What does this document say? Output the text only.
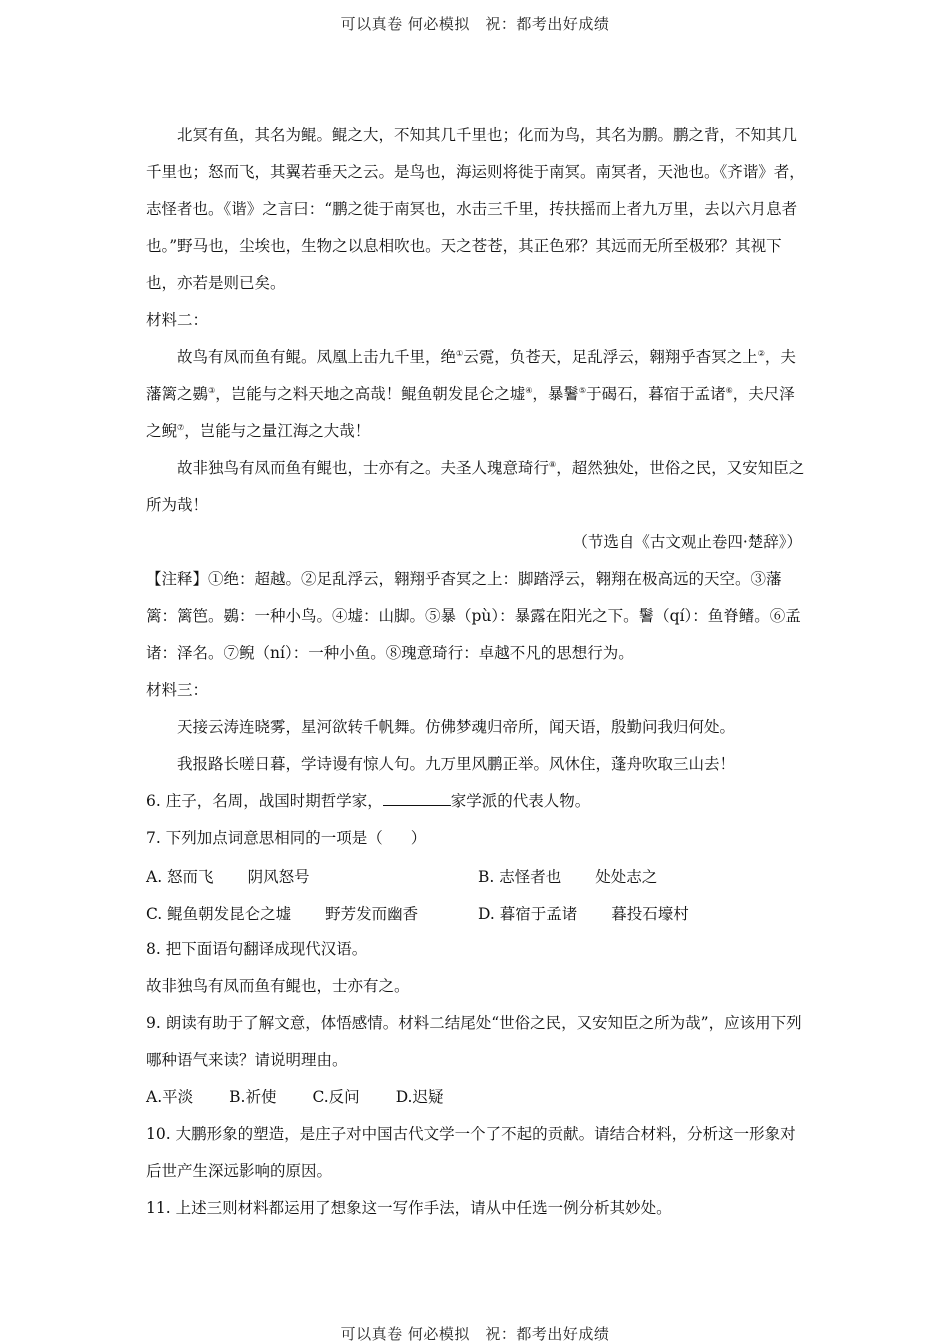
可以真卷 何必模拟　祝：都考出好成绩

北冥有鱼，其名为鲲。鲲之大，不知其几千里也；化而为鸟，其名为鹏。鹏之背，不知其几千里也；怒而飞，其翼若垂天之云。是鸟也，海运则将徙于南冥。南冥者，天池也。《齐谐》者，志怪者也。《谐》之言曰：“鹏之徙于南冥也，水击三千里，抟扶摇而上者九万里，去以六月息者也。”野马也，尘埃也，生物之以息相吹也。天之苍苍，其正色邪？其远而无所至极邪？其视下也，亦若是则已矣。

材料二：

故鸟有凤而鱼有鲲。凤凰上击九千里，绝①云霓，负苍天，足乱浮云，翱翔乎杳冥之上②，夫藩篱之鷃③，岂能与之料天地之高哉！鲲鱼朝发昆仑之墟④，暴鬐⑤于碣石，暮宿于孟诸⑥，夫尺泽之鲵⑦，岂能与之量江海之大哉！

故非独鸟有凤而鱼有鲲也，士亦有之。夫圣人瑰意琦行⑧，超然独处，世俗之民，又安知臣之所为哉！

（节选自《古文观止卷四·楚辞》）

【注释】①绝：超越。②足乱浮云，翱翔乎杳冥之上：脚踏浮云，翱翔在极高远的天空。③藩篱：篱笆。鷃：一种小鸟。④墟：山脚。⑤暴（pù）：暴露在阳光之下。鬐（qí）：鱼脊鳍。⑥孟诸：泽名。⑦鲵（ní）：一种小鱼。⑧瑰意琦行：卓越不凡的思想行为。

材料三：

天接云涛连晓雾，星河欲转千帆舞。仿佛梦魂归帝所，闻天语，殷勤问我归何处。

我报路长嗟日暮，学诗谩有惊人句。九万里风鹏正举。风休住，蓬舟吹取三山去！

6. 庄子，名周，战国时期哲学家，	家学派的代表人物。

7. 下列加点词意思相同的一项是（ ）

A. 怒而飞 阴风怒号	B. 志怪者也 处处志之
C. 鲲鱼朝发昆仑之墟 野芳发而幽香	D. 暮宿于孟诸 暮投石壕村

8. 把下面语句翻译成现代汉语。

故非独鸟有凤而鱼有鲲也，士亦有之。

9. 朗读有助于了解文意，体悟感情。材料二结尾处“世俗之民，又安知臣之所为哉”，应该用下列哪种语气来读？请说明理由。

A.平淡 B.祈使 C.反问 D.迟疑

10. 大鹏形象的塑造，是庄子对中国古代文学一个了不起的贡献。请结合材料，分析这一形象对后世产生深远影响的原因。

11. 上述三则材料都运用了想象这一写作手法，请从中任选一例分析其妙处。

可以真卷 何必模拟　祝：都考出好成绩
